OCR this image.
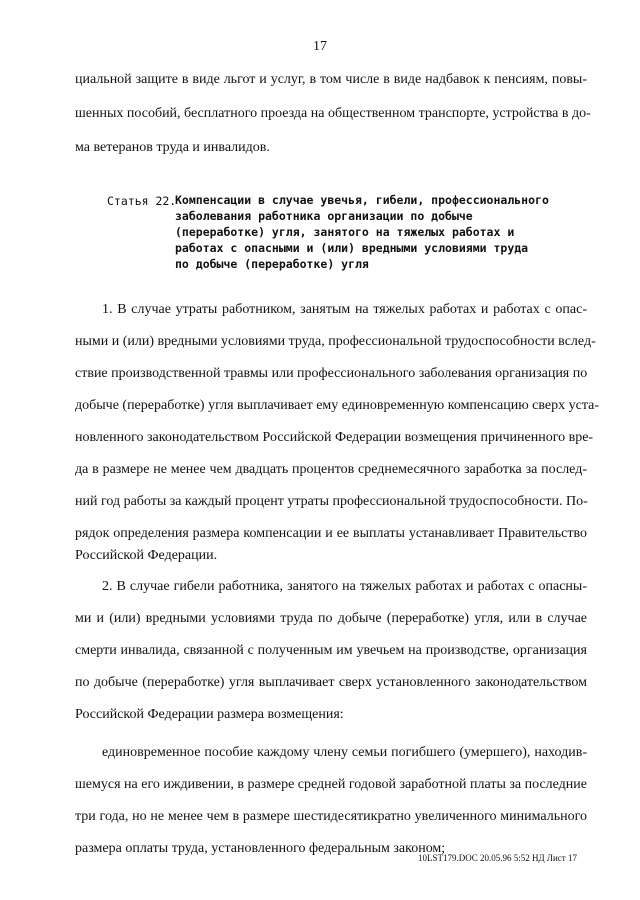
17
циальной защите в виде льгот и услуг, в том числе в виде надбавок к пенсиям, повы-
шенных пособий, бесплатного проезда на общественном транспорте, устройства в до-
ма ветеранов труда и инвалидов.
Статья 22.
Компенсации в случае увечья, гибели, профессионального
заболевания работника организации по добыче
(переработке) угля, занятого на тяжелых работах и
работах с опасными и (или) вредными условиями труда
по добыче (переработке) угля
1. В случае утраты работником, занятым на тяжелых работах и работах с опас-
ными и (или) вредными условиями труда, профессиональной трудоспособности вслед-
ствие производственной травмы или профессионального заболевания организация по
добыче (переработке) угля выплачивает ему единовременную компенсацию сверх уста-
новленного законодательством Российской Федерации возмещения причиненного вре-
да в размере не менее чем двадцать процентов среднемесячного заработка за послед-
ний год работы за каждый процент утраты профессиональной трудоспособности. По-
рядок определения размера компенсации и ее выплаты устанавливает Правительство
Российской Федерации.
2. В случае гибели работника, занятого на тяжелых работах и работах с опасны-
ми и (или) вредными условиями труда по добыче (переработке) угля, или в случае
смерти инвалида, связанной с полученным им увечьем на производстве, организация
по добыче (переработке) угля выплачивает сверх установленного законодательством
Российской Федерации размера возмещения:
единовременное пособие каждому члену семьи погибшего (умершего), находив-
шемуся на его иждивении, в размере средней годовой заработной платы за последние
три года, но не менее чем в размере шестидесятикратно увеличенного минимального
размера оплаты труда, установленного федеральным законом;
10LST179.DOC 20.05.96 5:52 НД Лист 17
